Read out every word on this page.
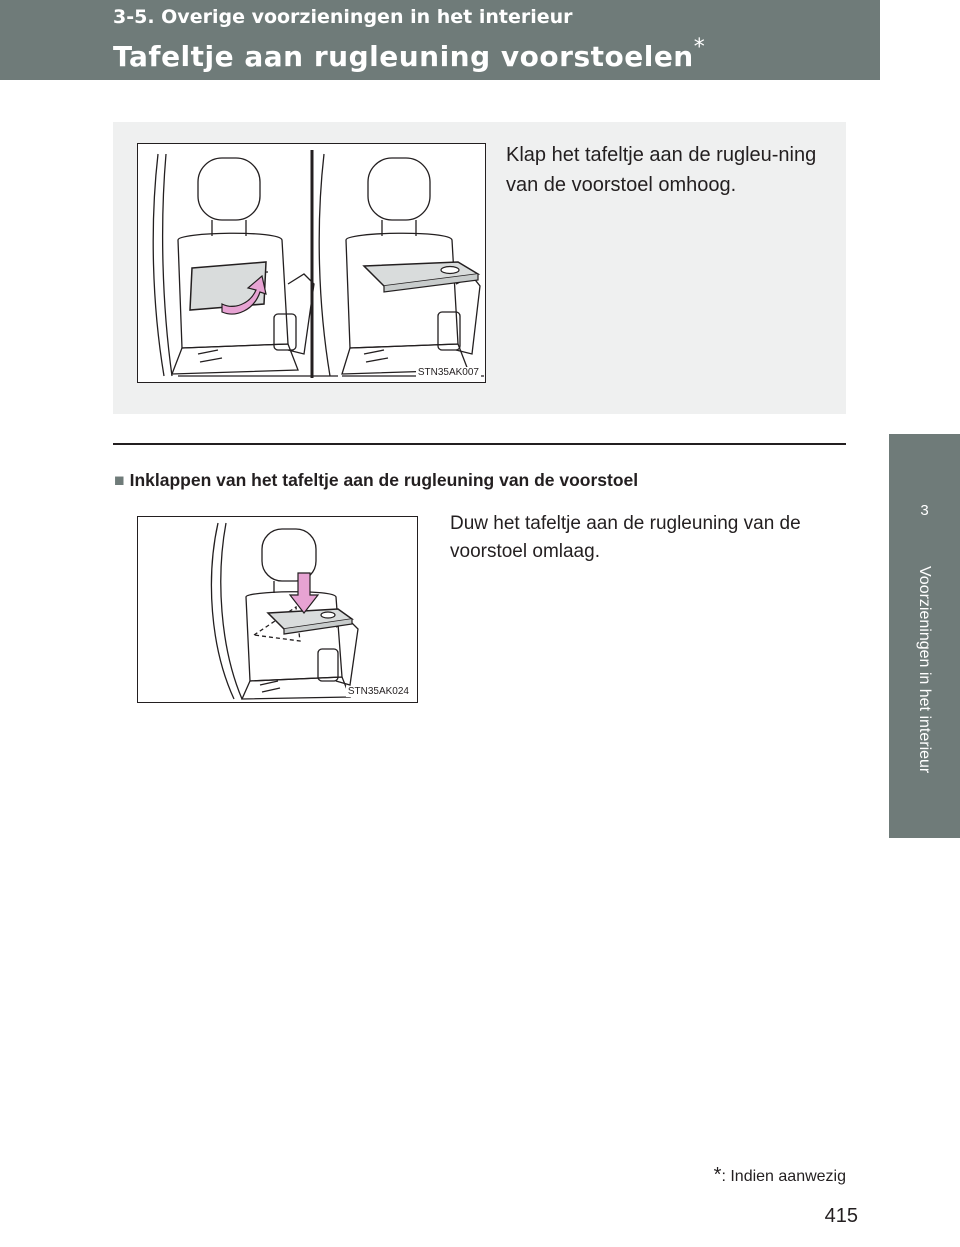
3-5. Overige voorzieningen in het interieur
Tafeltje aan rugleuning voorstoelen*
3
Voorzieningen in het interieur
STN35AK007
Klap het tafeltje aan de rugleu-ning van de voorstoel omhoog.
■ Inklappen van het tafeltje aan de rugleuning van de voorstoel
STN35AK024
Duw het tafeltje aan de rugleuning van de voorstoel omlaag.
*: Indien aanwezig
415
